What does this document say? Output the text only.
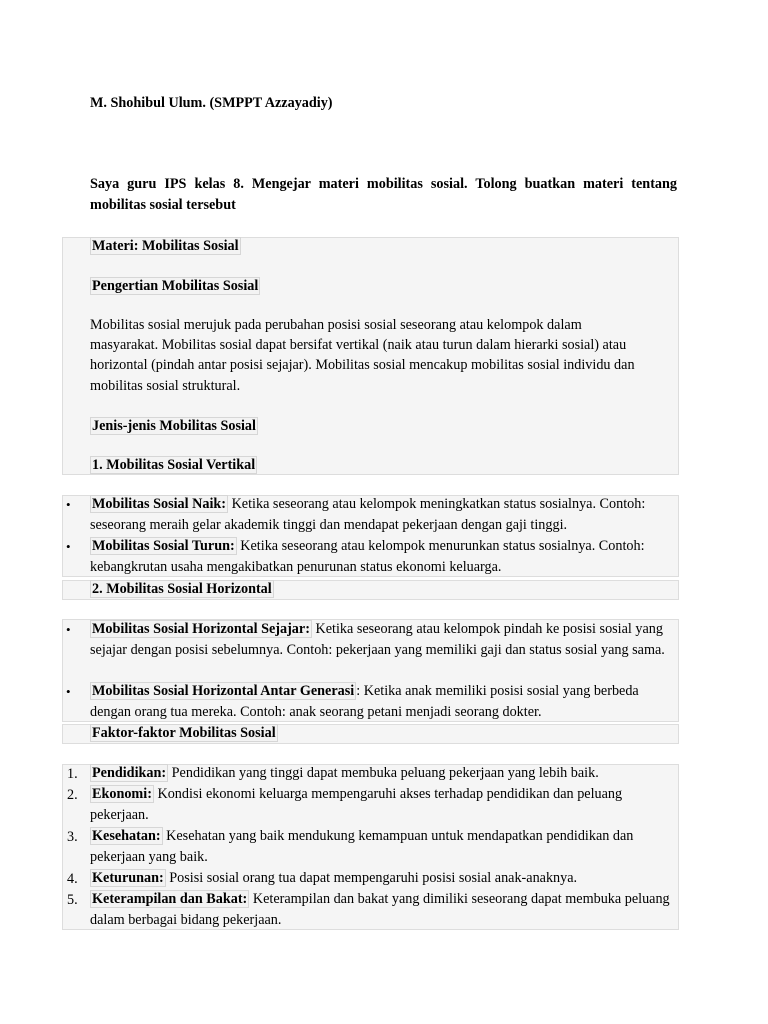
M. Shohibul Ulum. (SMPPT Azzayadiy)
Saya guru IPS kelas 8. Mengejar materi mobilitas sosial. Tolong buatkan materi tentang
mobilitas sosial tersebut
Materi: Mobilitas Sosial
Pengertian Mobilitas Sosial
Mobilitas sosial merujuk pada perubahan posisi sosial seseorang atau kelompok dalam
masyarakat. Mobilitas sosial dapat bersifat vertikal (naik atau turun dalam hierarki sosial) atau
horizontal (pindah antar posisi sejajar). Mobilitas sosial mencakup mobilitas sosial individu dan
mobilitas sosial struktural.
Jenis-jenis Mobilitas Sosial
1. Mobilitas Sosial Vertikal
• Mobilitas Sosial Naik: Ketika seseorang atau kelompok meningkatkan status sosialnya. Contoh: seseorang meraih gelar akademik tinggi dan mendapat pekerjaan dengan gaji tinggi.
• Mobilitas Sosial Turun: Ketika seseorang atau kelompok menurunkan status sosialnya. Contoh: kebangkrutan usaha mengakibatkan penurunan status ekonomi keluarga.
2. Mobilitas Sosial Horizontal
• Mobilitas Sosial Horizontal Sejajar: Ketika seseorang atau kelompok pindah ke posisi sosial yang sejajar dengan posisi sebelumnya. Contoh: pekerjaan yang memiliki gaji dan status sosial yang sama.
• Mobilitas Sosial Horizontal Antar Generasi : Ketika anak memiliki posisi sosial yang berbeda dengan orang tua mereka. Contoh: anak seorang petani menjadi seorang dokter.
Faktor-faktor Mobilitas Sosial
1.	Pendidikan: Pendidikan yang tinggi dapat membuka peluang pekerjaan yang lebih baik.
2.	Ekonomi: Kondisi ekonomi keluarga mempengaruhi akses terhadap pendidikan dan peluang pekerjaan.
3.	Kesehatan: Kesehatan yang baik mendukung kemampuan untuk mendapatkan pendidikan dan pekerjaan yang baik.
4.	Keturunan: Posisi sosial orang tua dapat mempengaruhi posisi sosial anak-anaknya.
5.	Keterampilan dan Bakat: Keterampilan dan bakat yang dimiliki seseorang dapat membuka peluang dalam berbagai bidang pekerjaan.
